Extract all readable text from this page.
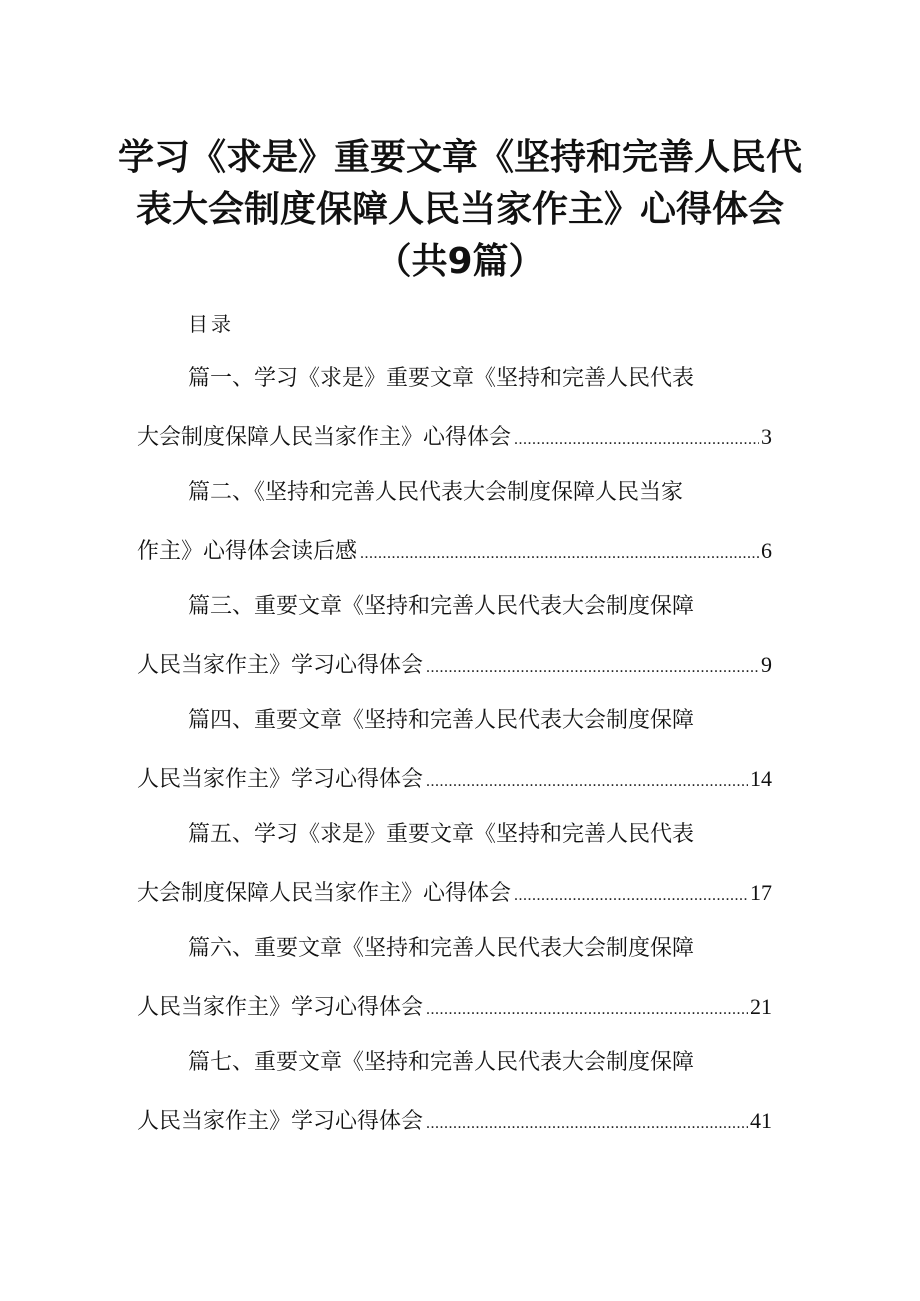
学习《求是》重要文章《坚持和完善人民代
表大会制度保障人民当家作主》心得体会
（共9篇）
目录
篇一、学习《求是》重要文章《坚持和完善人民代表
大会制度保障人民当家作主》心得体会 .....	3
篇二、《坚持和完善人民代表大会制度保障人民当家
作主》心得体会读后感 .....	6
篇三、重要文章《坚持和完善人民代表大会制度保障
人民当家作主》学习心得体会 .....	9
篇四、重要文章《坚持和完善人民代表大会制度保障
人民当家作主》学习心得体会 .....	14
篇五、学习《求是》重要文章《坚持和完善人民代表
大会制度保障人民当家作主》心得体会 .....	17
篇六、重要文章《坚持和完善人民代表大会制度保障
人民当家作主》学习心得体会 .....	21
篇七、重要文章《坚持和完善人民代表大会制度保障
人民当家作主》学习心得体会 .....	41
